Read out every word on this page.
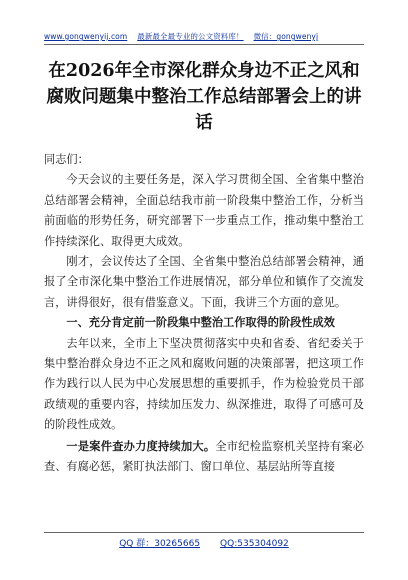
www.gongwenyij.com 最新最全最专业的公文资料库！ 微信：gongwenyj
在2026年全市深化群众身边不正之风和腐败问题集中整治工作总结部署会上的讲话

同志们：

今天会议的主要任务是，深入学习贯彻全国、全省集中整治总结部署会精神，全面总结我市前一阶段集中整治工作，分析当前面临的形势任务，研究部署下一步重点工作，推动集中整治工作持续深化、取得更大成效。

刚才，会议传达了全国、全省集中整治总结部署会精神，通报了全市深化集中整治工作进展情况，部分单位和镇作了交流发言，讲得很好，很有借鉴意义。下面，我讲三个方面的意见。

一、充分肯定前一阶段集中整治工作取得的阶段性成效

去年以来，全市上下坚决贯彻落实中央和省委、省纪委关于集中整治群众身边不正之风和腐败问题的决策部署，把这项工作作为践行以人民为中心发展思想的重要抓手，作为检验党员干部政绩观的重要内容，持续加压发力、纵深推进，取得了可感可及的阶段性成效。

一是案件查办力度持续加大。全市纪检监察机关坚持有案必查、有腐必惩，紧盯执法部门、窗口单位、基层站所等直接

QQ 群：30265665 QQ:535304092
